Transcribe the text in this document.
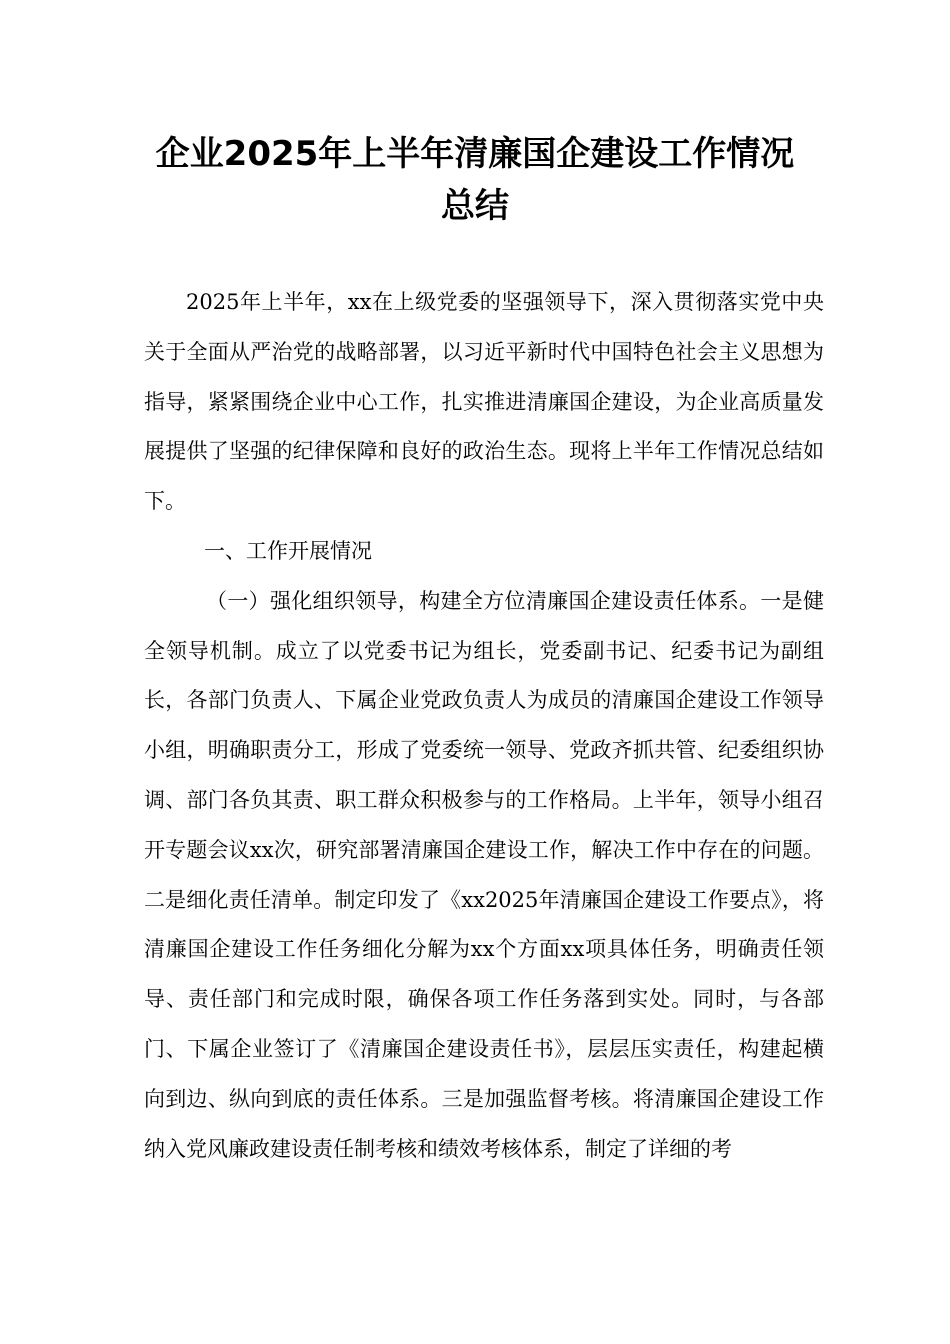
企业2025年上半年清廉国企建设工作情况
总结

2025年上半年，xx在上级党委的坚强领导下，深入贯彻落实党中央关于全面从严治党的战略部署，以习近平新时代中国特色社会主义思想为指导，紧紧围绕企业中心工作，扎实推进清廉国企建设，为企业高质量发展提供了坚强的纪律保障和良好的政治生态。现将上半年工作情况总结如下。

一、工作开展情况

（一）强化组织领导，构建全方位清廉国企建设责任体系。一是健全领导机制。成立了以党委书记为组长，党委副书记、纪委书记为副组长，各部门负责人、下属企业党政负责人为成员的清廉国企建设工作领导小组，明确职责分工，形成了党委统一领导、党政齐抓共管、纪委组织协调、部门各负其责、职工群众积极参与的工作格局。上半年，领导小组召开专题会议xx次，研究部署清廉国企建设工作，解决工作中存在的问题。二是细化责任清单。制定印发了《xx2025年清廉国企建设工作要点》，将清廉国企建设工作任务细化分解为xx个方面xx项具体任务，明确责任领导、责任部门和完成时限，确保各项工作任务落到实处。同时，与各部门、下属企业签订了《清廉国企建设责任书》，层层压实责任，构建起横向到边、纵向到底的责任体系。三是加强监督考核。将清廉国企建设工作纳入党风廉政建设责任制考核和绩效考核体系，制定了详细的考
